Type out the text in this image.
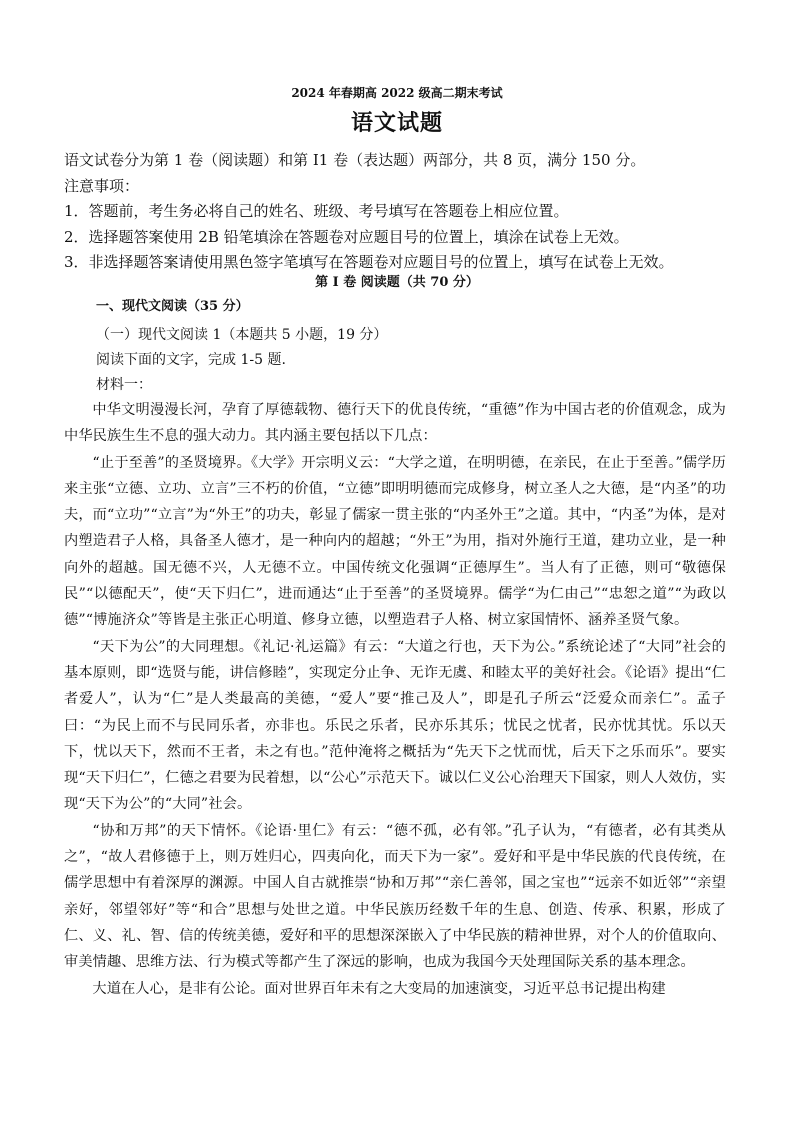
2024 年春期高 2022 级高二期末考试
语文试题
语文试卷分为第 1 卷（阅读题）和第 I1 卷（表达题）两部分，共 8 页，满分 150 分。
注意事项：
1．答题前，考生务必将自己的姓名、班级、考号填写在答题卷上相应位置。
2．选择题答案使用 2B 铅笔填涂在答题卷对应题目号的位置上，填涂在试卷上无效。
3．非选择题答案请使用黑色签字笔填写在答题卷对应题目号的位置上，填写在试卷上无效。
第 I 卷 阅读题（共 70 分）
一、现代文阅读（35 分）
（一）现代文阅读 1（本题共 5 小题，19 分）
阅读下面的文字，完成 1-5 题.
材料一：

中华文明漫漫长河，孕育了厚德载物、德行天下的优良传统，“重德”作为中国古老的价值观念，成为中华民族生生不息的强大动力。其内涵主要包括以下几点：

“止于至善”的圣贤境界。《大学》开宗明义云：“大学之道，在明明德，在亲民，在止于至善。”儒学历来主张“立德、立功、立言”三不朽的价值，“立德”即明明德而完成修身，树立圣人之大德，是“内圣”的功夫，而“立功”“立言”为“外王”的功夫，彰显了儒家一贯主张的“内圣外王”之道。其中，“内圣”为体，是对内塑造君子人格，具备圣人德才，是一种向内的超越；“外王”为用，指对外施行王道，建功立业，是一种向外的超越。国无德不兴，人无德不立。中国传统文化强调“正德厚生”。当人有了正德，则可“敬德保民”“以德配天”，使“天下归仁”，进而通达“止于至善”的圣贤境界。儒学“为仁由己”“忠恕之道”“为政以德”“博施济众”等皆是主张正心明道、修身立德，以塑造君子人格、树立家国情怀、涵养圣贤气象。

“天下为公”的大同理想。《礼记·礼运篇》有云：“大道之行也，天下为公。”系统论述了“大同”社会的基本原则，即“选贤与能，讲信修睦”，实现定分止争、无诈无虞、和睦太平的美好社会。《论语》提出“仁者爱人”，认为“仁”是人类最高的美德，“爱人”要“推己及人”，即是孔子所云“泛爱众而亲仁”。孟子曰：“为民上而不与民同乐者，亦非也。乐民之乐者，民亦乐其乐；忧民之忧者，民亦忧其忧。乐以天下，忧以天下，然而不王者，未之有也。”范仲淹将之概括为“先天下之忧而忧，后天下之乐而乐”。要实现“天下归仁”，仁德之君要为民着想，以“公心”示范天下。诚以仁义公心治理天下国家，则人人效仿，实现“天下为公”的“大同”社会。

“协和万邦”的天下情怀。《论语·里仁》有云：“德不孤，必有邻。”孔子认为，“有德者，必有其类从之”，“故人君修德于上，则万姓归心，四夷向化，而天下为一家”。爱好和平是中华民族的代良传统，在儒学思想中有着深厚的渊源。中国人自古就推崇“协和万邦”“亲仁善邻，国之宝也”“远亲不如近邻”“亲望亲好，邻望邻好”等“和合”思想与处世之道。中华民族历经数千年的生息、创造、传承、积累，形成了仁、义、礼、智、信的传统美德，爱好和平的思想深深嵌入了中华民族的精神世界，对个人的价值取向、审美情趣、思维方法、行为模式等都产生了深远的影响，也成为我国今天处理国际关系的基本理念。

大道在人心，是非有公论。面对世界百年未有之大变局的加速演变，习近平总书记提出构建
